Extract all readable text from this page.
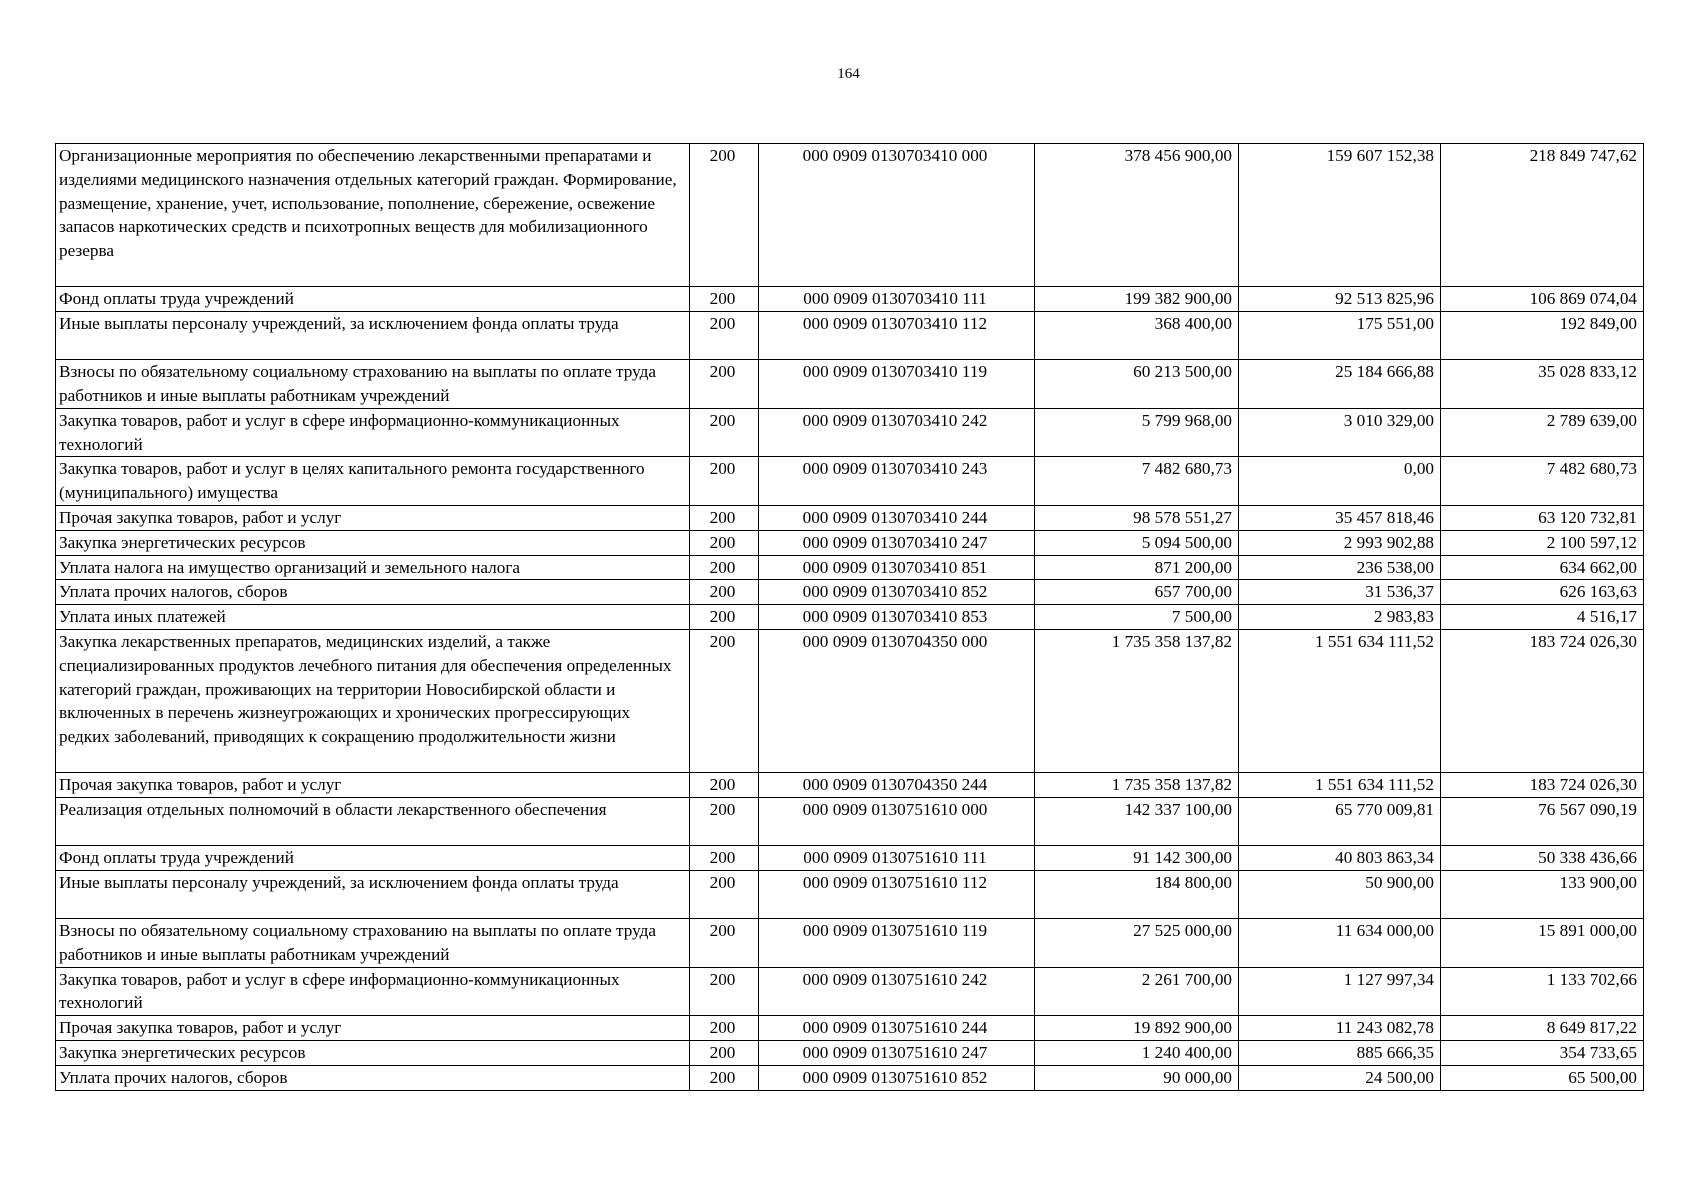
164
Организационные мероприятия по обеспечению лекарственными препаратами и изделиями медицинского назначения отдельных категорий граждан. Формирование, размещение, хранение, учет, использование, пополнение, сбережение, освежение запасов наркотических средств и психотропных веществ для мобилизационного резерва	200	000 0909 0130703410 000	378 456 900,00	159 607 152,38	218 849 747,62
Фонд оплаты труда учреждений	200	000 0909 0130703410 111	199 382 900,00	92 513 825,96	106 869 074,04
Иные выплаты персоналу учреждений, за исключением фонда оплаты труда	200	000 0909 0130703410 112	368 400,00	175 551,00	192 849,00
Взносы по обязательному социальному страхованию на выплаты по оплате труда работников и иные выплаты работникам учреждений	200	000 0909 0130703410 119	60 213 500,00	25 184 666,88	35 028 833,12
Закупка товаров, работ и услуг в сфере информационно-коммуникационных технологий	200	000 0909 0130703410 242	5 799 968,00	3 010 329,00	2 789 639,00
Закупка товаров, работ и услуг в целях капитального ремонта государственного (муниципального) имущества	200	000 0909 0130703410 243	7 482 680,73	0,00	7 482 680,73
Прочая закупка товаров, работ и услуг	200	000 0909 0130703410 244	98 578 551,27	35 457 818,46	63 120 732,81
Закупка энергетических ресурсов	200	000 0909 0130703410 247	5 094 500,00	2 993 902,88	2 100 597,12
Уплата налога на имущество организаций и земельного налога	200	000 0909 0130703410 851	871 200,00	236 538,00	634 662,00
Уплата прочих налогов, сборов	200	000 0909 0130703410 852	657 700,00	31 536,37	626 163,63
Уплата иных платежей	200	000 0909 0130703410 853	7 500,00	2 983,83	4 516,17
Закупка лекарственных препаратов, медицинских изделий, а также специализированных продуктов лечебного питания для обеспечения определенных категорий граждан, проживающих на территории Новосибирской области и включенных в перечень жизнеугрожающих и хронических прогрессирующих редких заболеваний, приводящих к сокращению продолжительности жизни	200	000 0909 0130704350 000	1 735 358 137,82	1 551 634 111,52	183 724 026,30
Прочая закупка товаров, работ и услуг	200	000 0909 0130704350 244	1 735 358 137,82	1 551 634 111,52	183 724 026,30
Реализация отдельных полномочий в области лекарственного обеспечения	200	000 0909 0130751610 000	142 337 100,00	65 770 009,81	76 567 090,19
Фонд оплаты труда учреждений	200	000 0909 0130751610 111	91 142 300,00	40 803 863,34	50 338 436,66
Иные выплаты персоналу учреждений, за исключением фонда оплаты труда	200	000 0909 0130751610 112	184 800,00	50 900,00	133 900,00
Взносы по обязательному социальному страхованию на выплаты по оплате труда работников и иные выплаты работникам учреждений	200	000 0909 0130751610 119	27 525 000,00	11 634 000,00	15 891 000,00
Закупка товаров, работ и услуг в сфере информационно-коммуникационных технологий	200	000 0909 0130751610 242	2 261 700,00	1 127 997,34	1 133 702,66
Прочая закупка товаров, работ и услуг	200	000 0909 0130751610 244	19 892 900,00	11 243 082,78	8 649 817,22
Закупка энергетических ресурсов	200	000 0909 0130751610 247	1 240 400,00	885 666,35	354 733,65
Уплата прочих налогов, сборов	200	000 0909 0130751610 852	90 000,00	24 500,00	65 500,00
